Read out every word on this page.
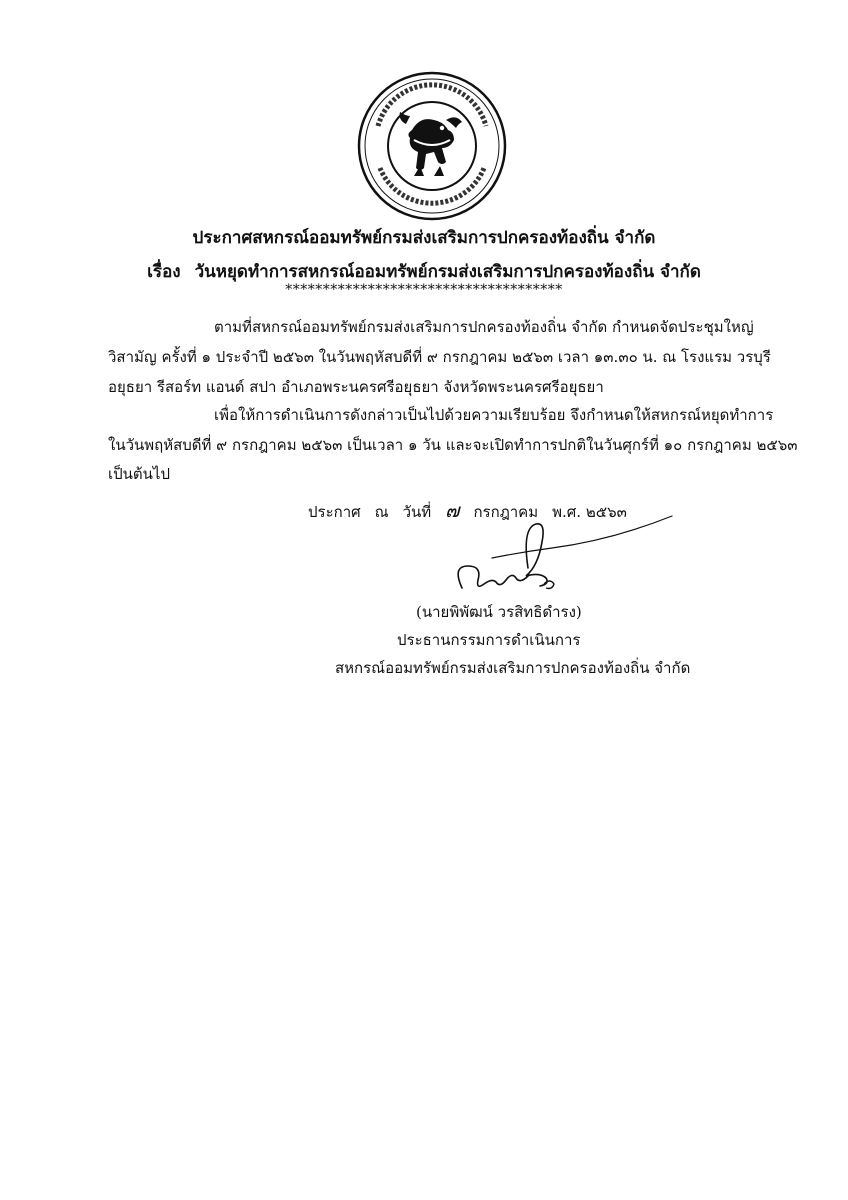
ประกาศสหกรณ์ออมทรัพย์กรมส่งเสริมการปกครองท้องถิ่น จำกัด
เรื่อง วันหยุดทำการสหกรณ์ออมทรัพย์กรมส่งเสริมการปกครองท้องถิ่น จำกัด
*************************************
ตามที่สหกรณ์ออมทรัพย์กรมส่งเสริมการปกครองท้องถิ่น จำกัด กำหนดจัดประชุมใหญ่
วิสามัญ ครั้งที่ ๑ ประจำปี ๒๕๖๓ ในวันพฤหัสบดีที่ ๙ กรกฎาคม ๒๕๖๓ เวลา ๑๓.๓๐ น. ณ โรงแรม วรบุรี
อยุธยา รีสอร์ท แอนด์ สปา อำเภอพระนครศรีอยุธยา จังหวัดพระนครศรีอยุธยา
เพื่อให้การดำเนินการดังกล่าวเป็นไปด้วยความเรียบร้อย จึงกำหนดให้สหกรณ์หยุดทำการ
ในวันพฤหัสบดีที่ ๙ กรกฎาคม ๒๕๖๓ เป็นเวลา ๑ วัน และจะเปิดทำการปกติในวันศุกร์ที่ ๑๐ กรกฎาคม ๒๕๖๓
เป็นต้นไป
ประกาศ ณ วันที่ ๗ กรกฎาคม พ.ศ. ๒๕๖๓
(นายพิพัฒน์ วรสิทธิดำรง)
ประธานกรรมการดำเนินการ
สหกรณ์ออมทรัพย์กรมส่งเสริมการปกครองท้องถิ่น จำกัด
